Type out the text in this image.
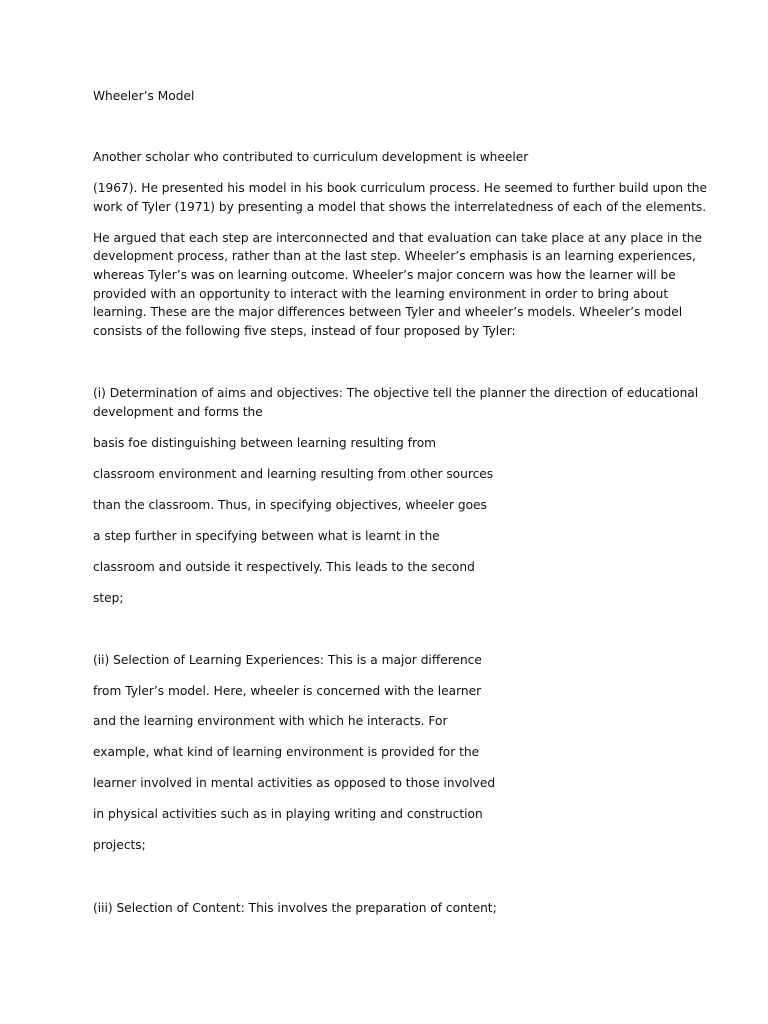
Wheeler’s Model
Another scholar who contributed to curriculum development is wheeler
(1967). He presented his model in his book curriculum process. He seemed to further build upon the
work of Tyler (1971) by presenting a model that shows the interrelatedness of each of the elements.
He argued that each step are interconnected and that evaluation can take place at any place in the
development process, rather than at the last step. Wheeler’s emphasis is an learning experiences,
whereas Tyler’s was on learning outcome. Wheeler’s major concern was how the learner will be
provided with an opportunity to interact with the learning environment in order to bring about
learning. These are the major differences between Tyler and wheeler’s models. Wheeler’s model
consists of the following five steps, instead of four proposed by Tyler:
(i) Determination of aims and objectives: The objective tell the planner the direction of educational
development and forms the
basis foe distinguishing between learning resulting from
classroom environment and learning resulting from other sources
than the classroom. Thus, in specifying objectives, wheeler goes
a step further in specifying between what is learnt in the
classroom and outside it respectively. This leads to the second
step;
(ii) Selection of Learning Experiences: This is a major difference
from Tyler’s model. Here, wheeler is concerned with the learner
and the learning environment with which he interacts. For
example, what kind of learning environment is provided for the
learner involved in mental activities as opposed to those involved
in physical activities such as in playing writing and construction
projects;
(iii) Selection of Content: This involves the preparation of content;
